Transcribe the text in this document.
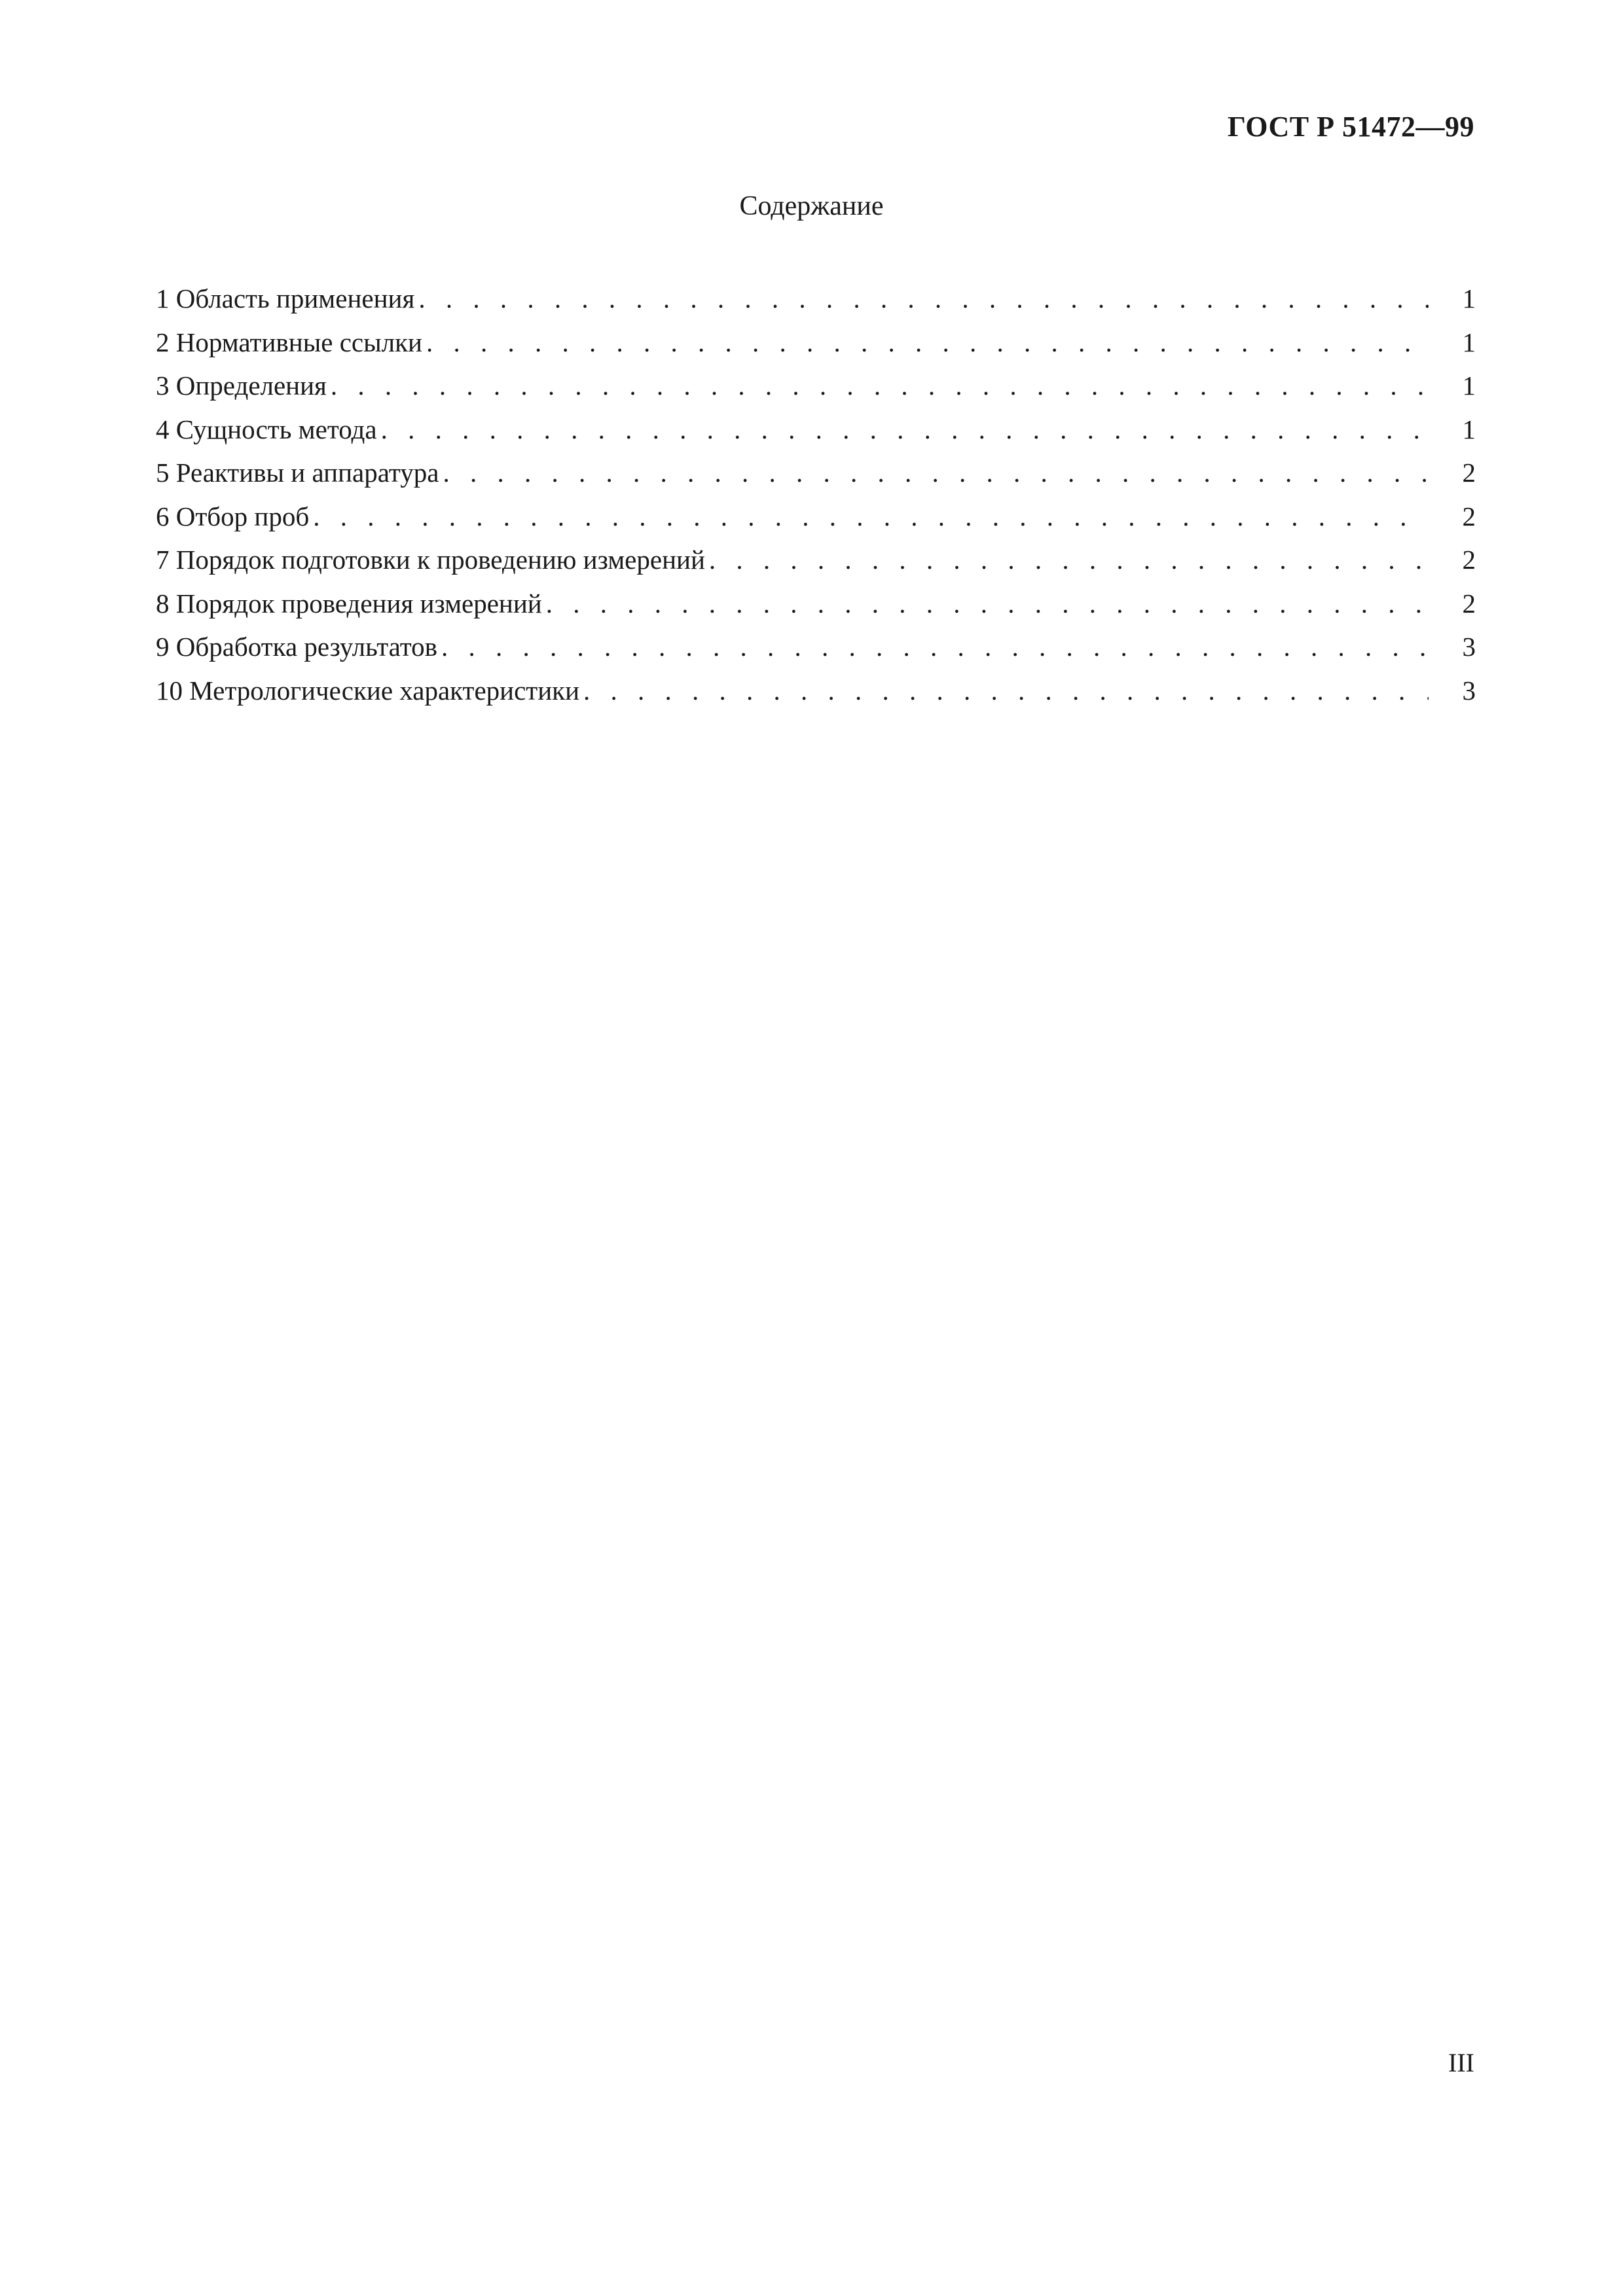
ГОСТ Р 51472—99
Содержание
1 Область применения . . .	1
2 Нормативные ссылки . . .	1
3 Определения . . .	1
4 Сущность метода . . .	1
5 Реактивы и аппаратура . . .	2
6 Отбор проб . . .	2
7 Порядок подготовки к проведению измерений . . .	2
8 Порядок проведения измерений . . .	2
9 Обработка результатов . . .	3
10 Метрологические характеристики . . .	3
III
